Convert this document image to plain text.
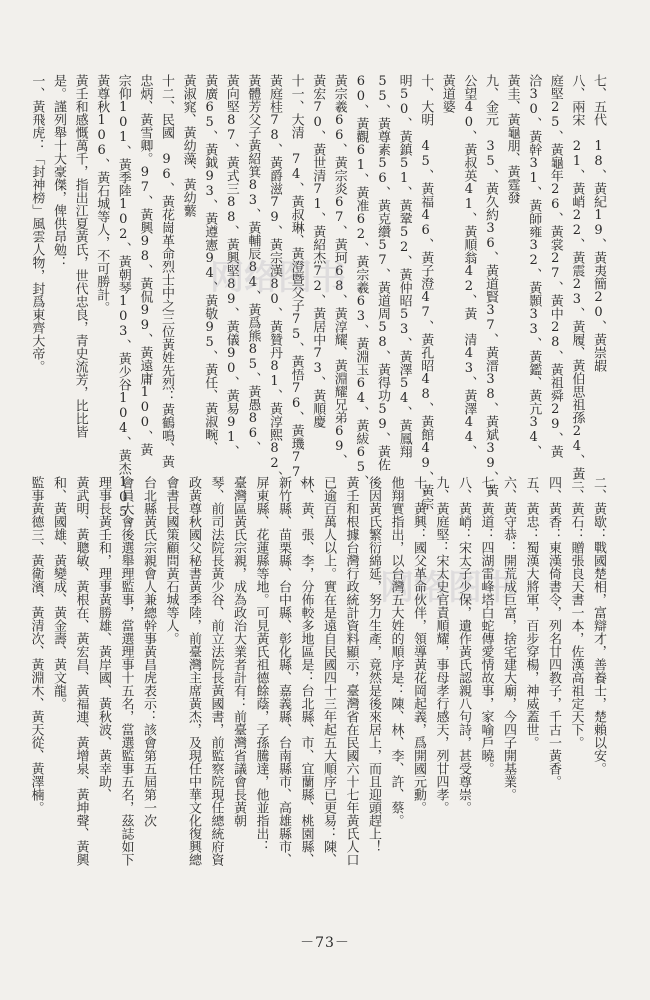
七、五代　18、黃紀19、黃夷簡20、黃崇嘏
八、兩宋　21、黃峭22、黃震23、黃履、黃伯思祖孫24、黃
庭堅25、黃龜年26、黃裳27、黃中28、黃祖舜29、黃
洽30、黃幹31、黃師雍32、黃顥33、黃鑑、黃亢34、
黃圭、黃龜朋、黃霆發
九、金元　35、黃久約36、黃道賢37、黃溍38、黃斌39、黃
公望40、黃叔英41、黃順翁42、黃　清43、黃澤44、
黃道婆
十、大明　45、黃福46、黃子澄47、黃孔昭48、黃館49、黃宗
明50、黃鎮51、黃鞏52、黃仲昭53、黃澤54、黃鳳翔
55、黃尊素56、黃克纘57、黃道周58、黃得功59、黃佐
60、黃觀61、黃准62、黃宗羲63、黃淵玉64、黃紱65、
黃宗羲66、黃宗炎67、黃珂68、黃淳耀、黃淵耀兄弟69、
黃宏70、黃世清71、黃紹杰72、黃居中73、黃順慶
十一、大清　74、黃叔琳、黃澄暨父子75、黃悟76、黃璣77、
黃庭桂78、黃爵滋79、黃宗漢80、黃贊丹81、黃淳熙82、
黃體芳父子黃紹箕83、黃輔辰84、黃爲熊85、黃愚86、
黃向堅87、黃式三88、黃興堅89、黃儀90、黃易91、
黃廣65、黃鉞93、黃遵憲94、黃敬95、黃任、黃淑畹、
黃淑窕、黃幼藻、黃幼蘩
十二、民國　96、黃花崗革命烈士中之三位黃姓先烈：黃鶴鳴、黃
忠炳、黃雪卿。97、黃興98、黃侃99、黃遠庸100、黃
宗仰101、黃季陸102、黃朝琴103、黃少谷104、黃杰105、
黃尊秋106、黃石城等人，不可勝計。
黃壬和感慨萬千，指出江夏黃氏，世代忠良，青史流芳，比比皆
是。謹列舉十大豪傑，俾供昂勉：
一、黃飛虎：「封神榜」風雲人物，封爲東齊大帝。
二、黃歇：戰國楚相，富辯才，善養士，楚賴以安。
三、黃石：贈張良天書一本，佐漢高祖定天下。
四、黃香：東漢倚書令，列名廿四教子，千古一黃香。
五、黃忠：蜀漢大將軍，百步穿楊，神威蓋世。
六、黃守恭：開荒成巨富，捨宅建大廟，今四子開基業。
七、黃道：四湖雷峰塔白蛇傳愛情故事，家喻戶曉。
八、黃峭：宋太子少保，遺作黃氏認親八句詩，甚受尊崇。
九、黃庭堅：宋太史官責順耀，事母孝行感天，列廿四孝。
十、黃興：國父革命伙伴，領導黃花岡起義，爲開國元勳。
他翔實指出，以台灣五大姓的順序是：陳、林、李、許、蔡。
後因黃氏繁衍綿延，努力生產，竟然是後來居上，而且迎頭趕上！
黃壬和根據台灣行政統計資料顯示，臺灣省在民國六十七年黃氏人口
已逾百萬人以上。實在是遠自民國四十三年起五大順序已更易：陳、
林、黃、張、李，分佈較多地區是：台北縣、市、宜蘭縣、桃園縣、
新竹縣、苗栗縣、台中縣、彰化縣、嘉義縣、台南縣市、高雄縣市、
屏東縣、花蓮縣等地。可見黃氏祖德餘蔭，子孫騰達，他並指出：
臺灣區黃氏宗親，成為政治大業者計有：前臺灣省議會長黃朝
琴、前司法院長黃少谷、前立法院長黃國書，前監察院現任總統府資
政黃尊秋國父秘書黃季陸，前臺灣主席黃杰，及現任中華文化復興總
會書長國策顧問黃石城等人。
台北縣黃氏宗親會人兼總幹事黃昌虎表示：該會第五屆第一次
會員大會後選舉理監事，當選理事十五名，當選監事五名，茲誌如下
理事長黃壬和，理事黃勝雄、黃岸國、黃秋波、黃幸助、
黃武明、黃聰敏、黃根在、黃宏昌、黃福連、黃增泉、黃坤聲、黃興
和、黃國雄、黃變成、黃金壽、黃文龍。
監事黃德三、黃衛濱、黃清次、黃淵木、黃天從、黃澤楠。
网络图书
网络图书
－73－
